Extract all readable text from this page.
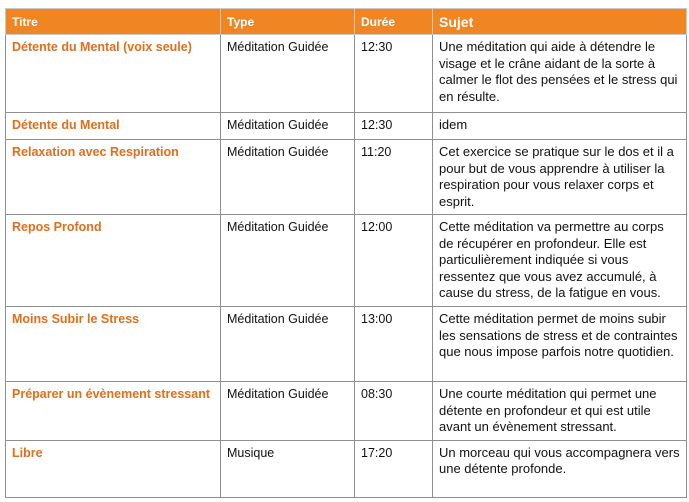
Titre	Type	Durée	Sujet
Détente du Mental (voix seule)	Méditation Guidée	12:30	Une méditation qui aide à détendre le visage et le crâne aidant de la sorte à calmer le flot des pensées et le stress qui en résulte.
Détente du Mental	Méditation Guidée	12:30	idem
Relaxation avec Respiration	Méditation Guidée	11:20	Cet exercice se pratique sur le dos et il a pour but de vous apprendre à utiliser la respiration pour vous relaxer corps et esprit.
Repos Profond	Méditation Guidée	12:00	Cette méditation va permettre au corps de récupérer en profondeur. Elle est particulièrement indiquée si vous ressentez que vous avez accumulé, à cause du stress, de la fatigue en vous.
Moins Subir le Stress	Méditation Guidée	13:00	Cette méditation permet de moins subir les sensations de stress et de contraintes que nous impose parfois notre quotidien.
Préparer un évènement stressant	Méditation Guidée	08:30	Une courte méditation qui permet une détente en profondeur et qui est utile avant un évènement stressant.
Libre	Musique	17:20	Un morceau qui vous accompagnera vers une détente profonde.
